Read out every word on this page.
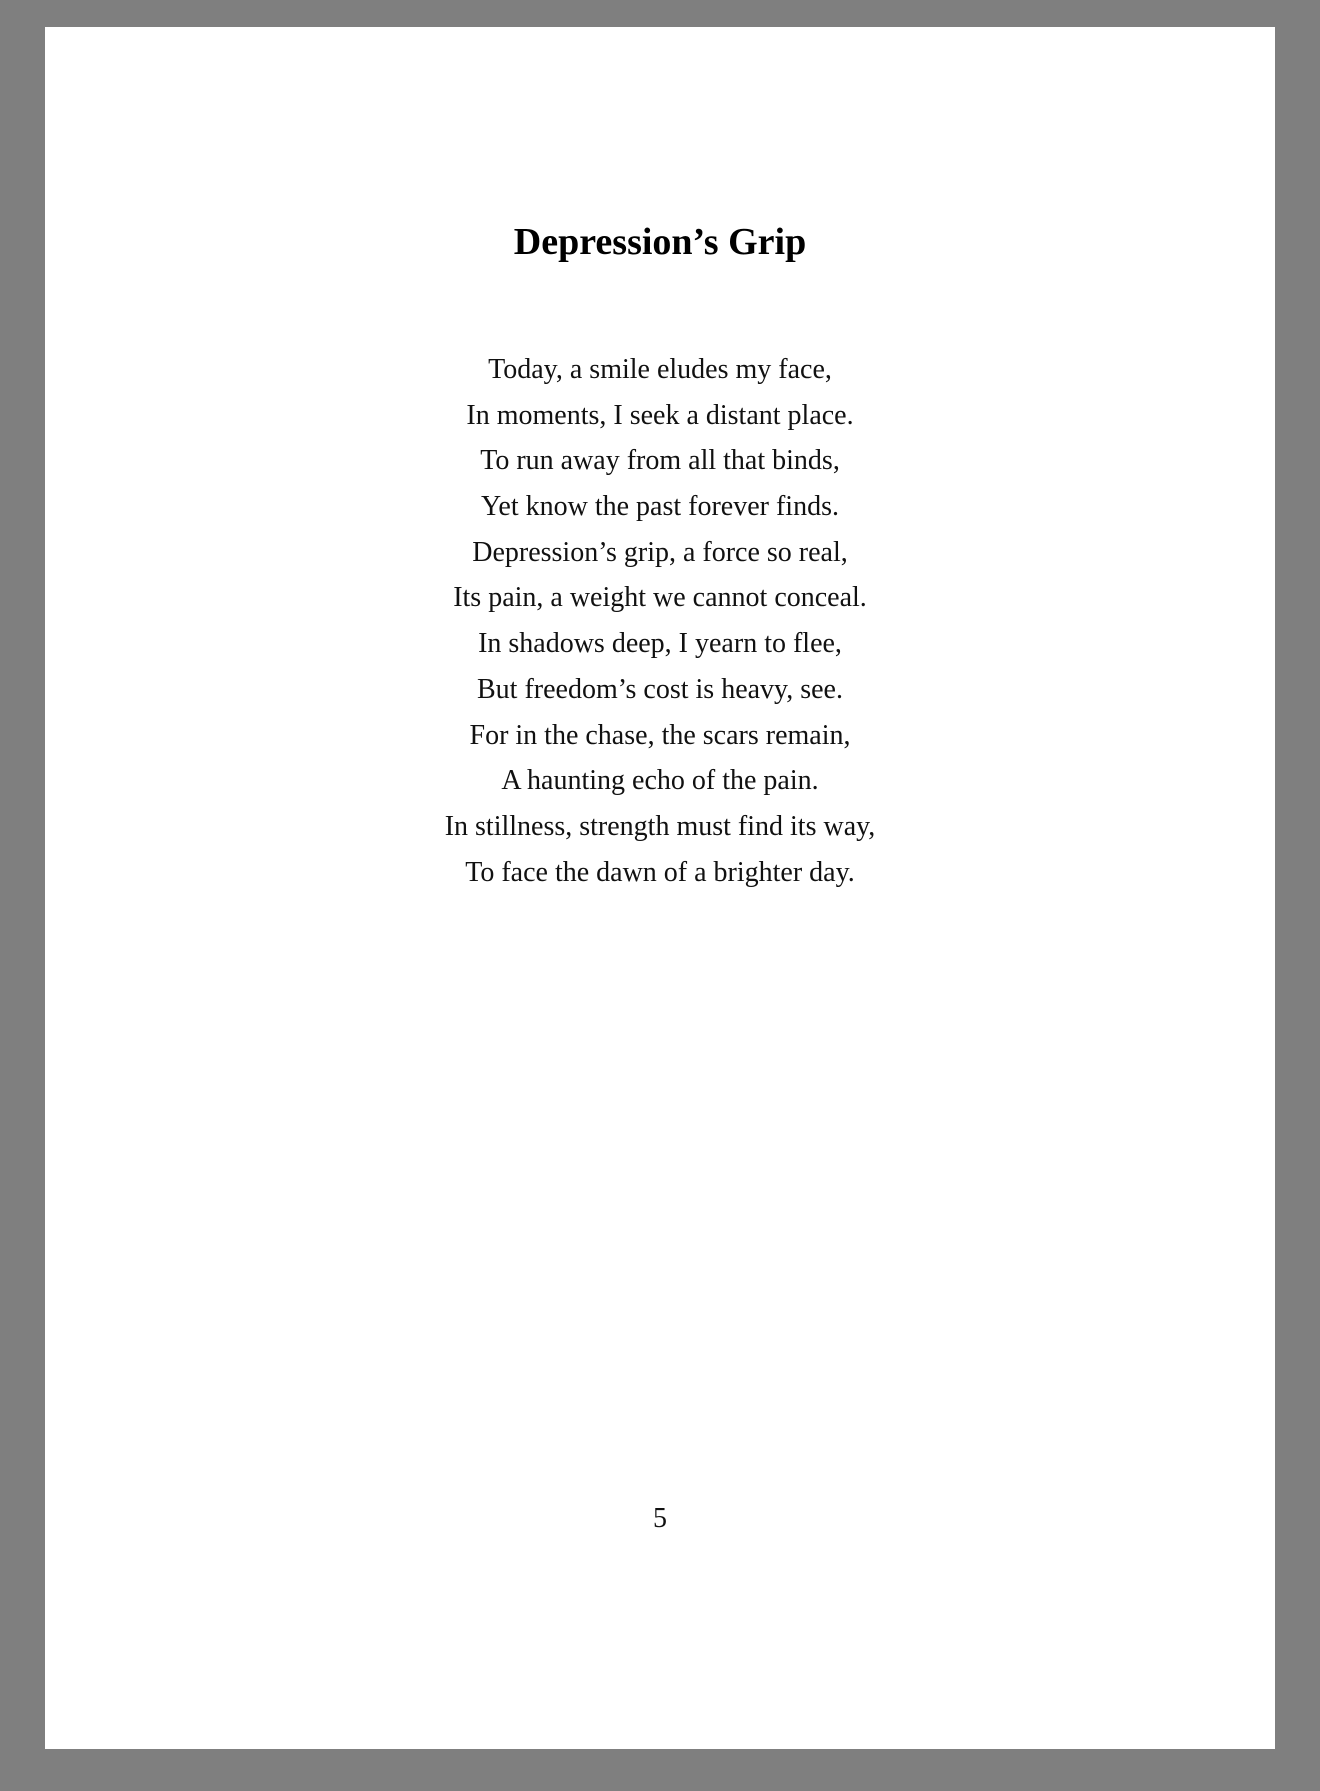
Depression’s Grip
Today, a smile eludes my face,
In moments, I seek a distant place.
To run away from all that binds,
Yet know the past forever finds.
Depression’s grip, a force so real,
Its pain, a weight we cannot conceal.
In shadows deep, I yearn to flee,
But freedom’s cost is heavy, see.
For in the chase, the scars remain,
A haunting echo of the pain.
In stillness, strength must find its way,
To face the dawn of a brighter day.
5
